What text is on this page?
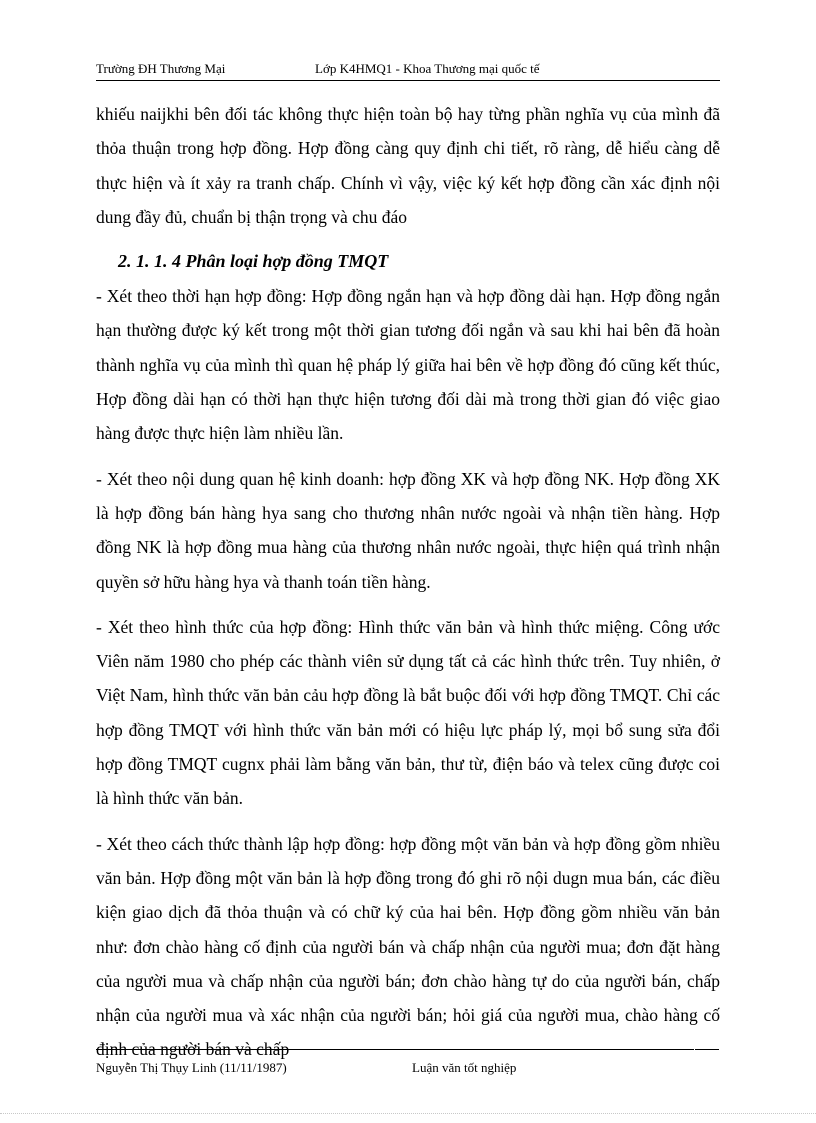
Trường ĐH Thương Mại	Lớp K4HMQ1 - Khoa Thương mại quốc tế

khiếu naijkhi bên đối tác không thực hiện toàn bộ hay từng phần nghĩa vụ của mình đã thỏa thuận trong hợp đồng. Hợp đồng càng quy định chi tiết, rõ ràng, dễ hiểu càng dễ thực hiện và ít xảy ra tranh chấp. Chính vì vậy, việc ký kết hợp đồng cần xác định nội dung đầy đủ, chuẩn bị thận trọng và chu đáo

2. 1. 1. 4 Phân loại hợp đồng TMQT

- Xét theo thời hạn hợp đồng: Hợp đồng ngắn hạn và hợp đồng dài hạn. Hợp đồng ngắn hạn thường được ký kết trong một thời gian tương đối ngắn và sau khi hai bên đã hoàn thành nghĩa vụ của mình thì quan hệ pháp lý giữa hai bên về hợp đồng đó cũng kết thúc, Hợp đồng dài hạn có thời hạn thực hiện tương đối dài mà trong thời gian đó việc giao hàng được thực hiện làm nhiều lần.

- Xét theo nội dung quan hệ kinh doanh: hợp đồng XK và hợp đồng NK. Hợp đồng XK là hợp đồng bán hàng hya sang cho thương nhân nước ngoài và nhận tiền hàng. Hợp đồng NK là hợp đồng mua hàng của thương nhân nước ngoài, thực hiện quá trình nhận quyền sở hữu hàng hya và thanh toán tiền hàng.

- Xét theo hình thức của hợp đồng: Hình thức văn bản và hình thức miệng. Công ước Viên năm 1980 cho phép các thành viên sử dụng tất cả các hình thức trên. Tuy nhiên, ở Việt Nam, hình thức văn bản cảu hợp đồng là bắt buộc đối với hợp đồng TMQT. Chỉ các hợp đồng TMQT với hình thức văn bản mới có hiệu lực pháp lý, mọi bổ sung sửa đổi hợp đồng TMQT cugnx phải làm bằng văn bản, thư từ, điện báo và telex cũng được coi là hình thức văn bản.

- Xét theo cách thức thành lập hợp đồng: hợp đồng một văn bản và hợp đồng gồm nhiều văn bản. Hợp đồng một văn bản là hợp đồng trong đó ghi rõ nội dugn mua bán, các điều kiện giao dịch đã thỏa thuận và có chữ ký của hai bên. Hợp đồng gồm nhiều văn bản như: đơn chào hàng cố định của người bán và chấp nhận của người mua; đơn đặt hàng của người mua và chấp nhận của người bán; đơn chào hàng tự do của người bán, chấp nhận của người mua và xác nhận của người bán; hỏi giá của người mua, chào hàng cố định của người bán và chấp

Nguyễn Thị Thụy Linh (11/11/1987)	Luận văn tốt nghiệp
